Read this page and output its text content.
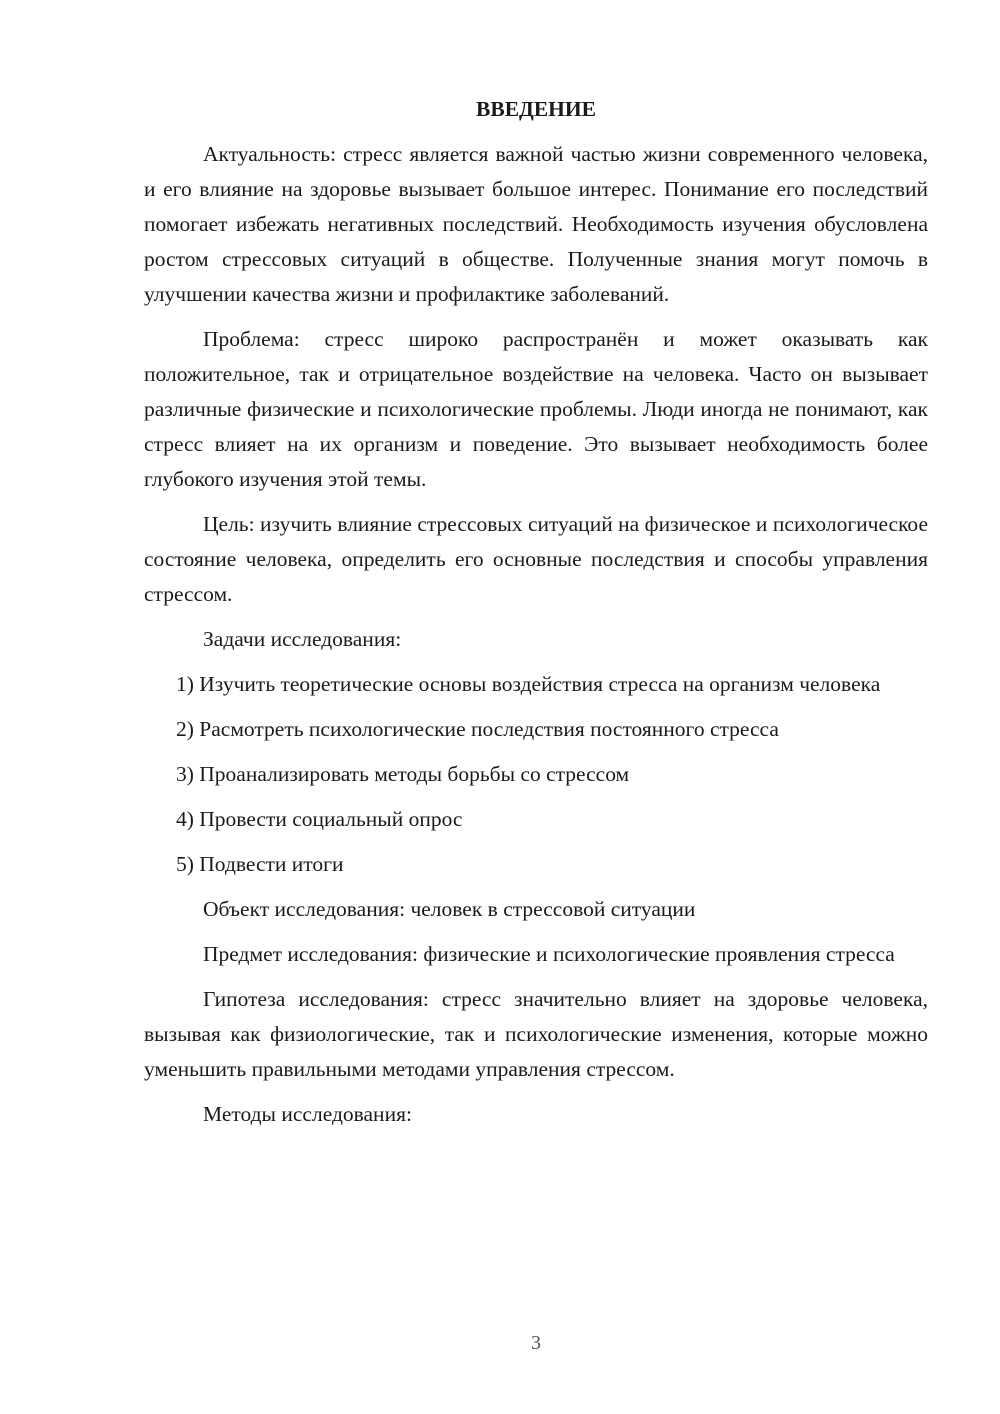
ВВЕДЕНИЕ

Актуальность: стресс является важной частью жизни современного человека, и его влияние на здоровье вызывает большое интерес. Понимание его последствий помогает избежать негативных последствий. Необходимость изучения обусловлена ростом стрессовых ситуаций в обществе. Полученные знания могут помочь в улучшении качества жизни и профилактике заболеваний.

Проблема: стресс широко распространён и может оказывать как положительное, так и отрицательное воздействие на человека. Часто он вызывает различные физические и психологические проблемы. Люди иногда не понимают, как стресс влияет на их организм и поведение. Это вызывает необходимость более глубокого изучения этой темы.

Цель: изучить влияние стрессовых ситуаций на физическое и психологическое состояние человека, определить его основные последствия и способы управления стрессом.

Задачи исследования:

1) Изучить теоретические основы воздействия стресса на организм человека

2) Расмотреть психологические последствия постоянного стресса

3) Проанализировать методы борьбы со стрессом

4) Провести социальный опрос

5) Подвести итоги

Объект исследования: человек в стрессовой ситуации

Предмет исследования: физические и психологические проявления стресса

Гипотеза исследования: стресс значительно влияет на здоровье человека, вызывая как физиологические, так и психологические изменения, которые можно уменьшить правильными методами управления стрессом.

Методы исследования:

3
